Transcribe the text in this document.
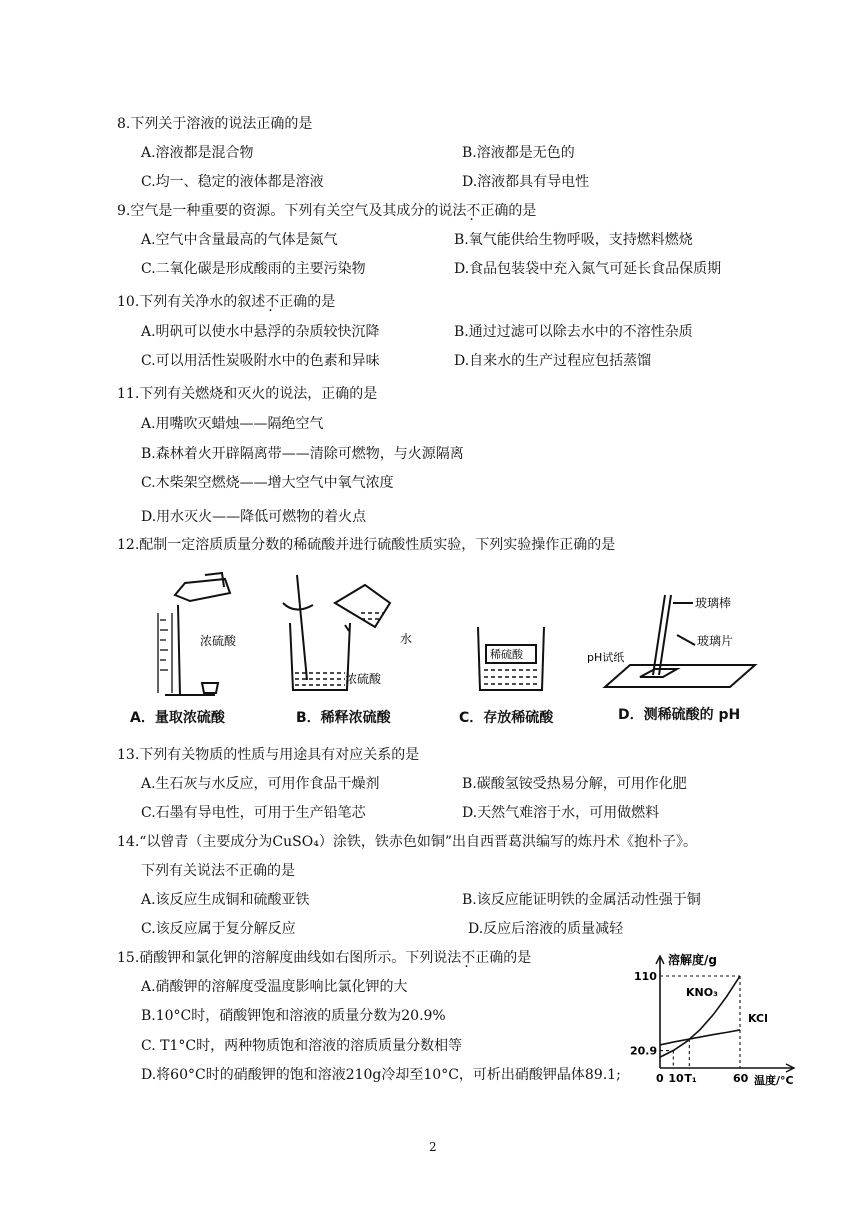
8.下列关于溶液的说法正确的是
A.溶液都是混合物	B.溶液都是无色的
C.均一、稳定的液体都是溶液	D.溶液都具有导电性
9.空气是一种重要的资源。下列有关空气及其成分的说法不正确的是
A.空气中含量最高的气体是氮气	B.氧气能供给生物呼吸，支持燃料燃烧
C.二氧化碳是形成酸雨的主要污染物	D.食品包装袋中充入氮气可延长食品保质期
10.下列有关净水的叙述不正确的是
A.明矾可以使水中悬浮的杂质较快沉降	B.通过过滤可以除去水中的不溶性杂质
C.可以用活性炭吸附水中的色素和异味	D.自来水的生产过程应包括蒸馏
11.下列有关燃烧和灭火的说法，正确的是
A.用嘴吹灭蜡烛——隔绝空气
B.森林着火开辟隔离带——清除可燃物，与火源隔离
C.木柴架空燃烧——增大空气中氧气浓度
D.用水灭火——降低可燃物的着火点
12.配制一定溶质质量分数的稀硫酸并进行硫酸性质实验，下列实验操作正确的是
浓硫酸	水
浓硫酸
稀硫酸
玻璃棒
玻璃片
pH试纸
A．量取浓硫酸	B．稀释浓硫酸	C．存放稀硫酸	D．测稀硫酸的 pH
13.下列有关物质的性质与用途具有对应关系的是
A.生石灰与水反应，可用作食品干燥剂	B.碳酸氢铵受热易分解，可用作化肥
C.石墨有导电性，可用于生产铅笔芯	D.天然气难溶于水，可用做燃料
14.“以曾青（主要成分为CuSO₄）涂铁，铁赤色如铜”出自西晋葛洪编写的炼丹术《抱朴子》。
下列有关说法不正确的是
A.该反应生成铜和硫酸亚铁	B.该反应能证明铁的金属活动性强于铜
C.该反应属于复分解反应	D.反应后溶液的质量减轻
15.硝酸钾和氯化钾的溶解度曲线如右图所示。下列说法不正确的是
A.硝酸钾的溶解度受温度影响比氯化钾的大
B.10°C时，硝酸钾饱和溶液的质量分数为20.9%
C. T1°C时，两种物质饱和溶液的溶质质量分数相等
D.将60°C时的硝酸钾的饱和溶液210g冷却至10°C，可析出硝酸钾晶体89.1;
溶解度/g
温度/°C
KNO₃
KCl
110
20.9
0 10 T₁	60
2
